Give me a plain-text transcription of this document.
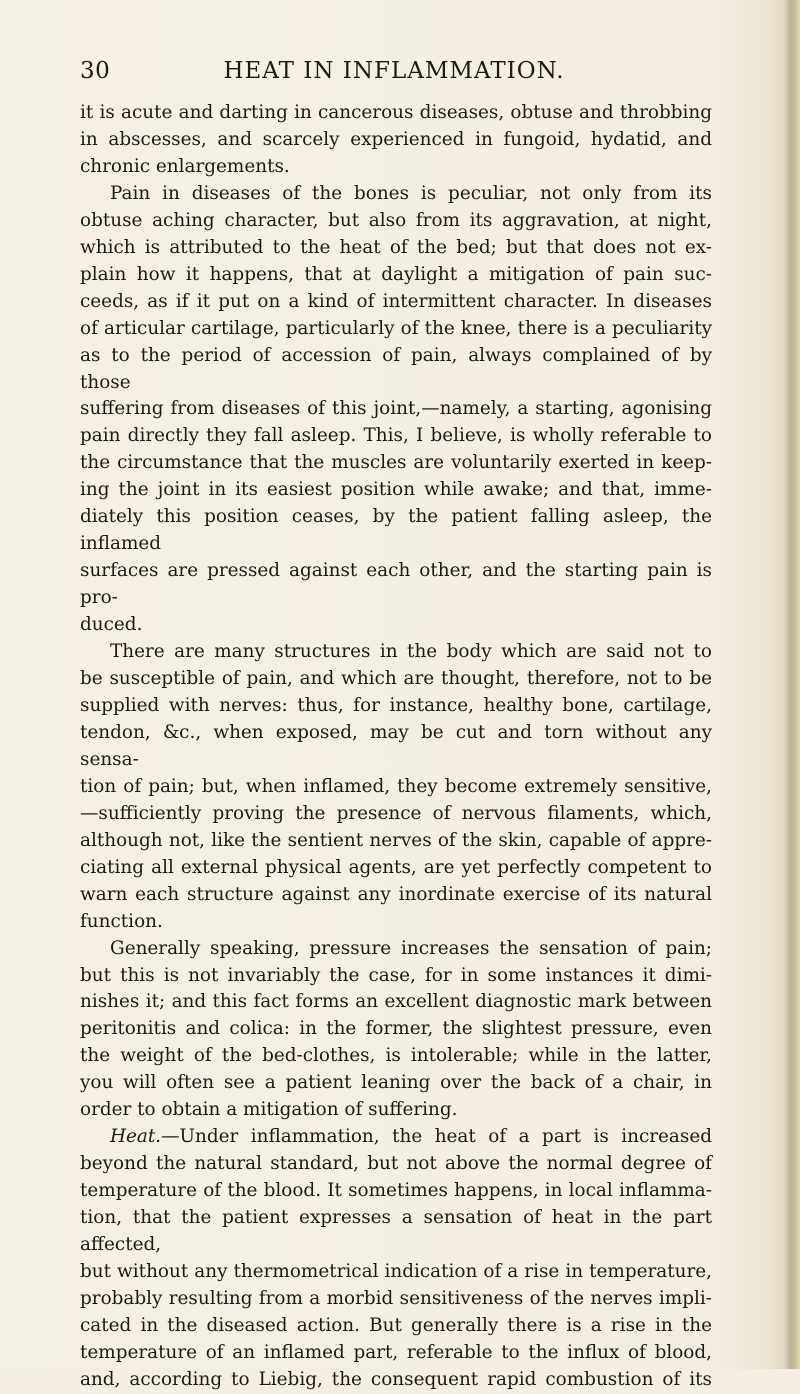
30	HEAT IN INFLAMMATION.

it is acute and darting in cancerous diseases, obtuse and throbbing

in abscesses, and scarcely experienced in fungoid, hydatid, and

chronic enlargements.

Pain in diseases of the bones is peculiar, not only from its

obtuse aching character, but also from its aggravation, at night,

which is attributed to the heat of the bed; but that does not ex-

plain how it happens, that at daylight a mitigation of pain suc-

ceeds, as if it put on a kind of intermittent character. In diseases

of articular cartilage, particularly of the knee, there is a peculiarity

as to the period of accession of pain, always complained of by those

suffering from diseases of this joint,—namely, a starting, agonising

pain directly they fall asleep. This, I believe, is wholly referable to

the circumstance that the muscles are voluntarily exerted in keep-

ing the joint in its easiest position while awake; and that, imme-

diately this position ceases, by the patient falling asleep, the inflamed

surfaces are pressed against each other, and the starting pain is pro-

duced.

There are many structures in the body which are said not to

be susceptible of pain, and which are thought, therefore, not to be

supplied with nerves: thus, for instance, healthy bone, cartilage,

tendon, &c., when exposed, may be cut and torn without any sensa-

tion of pain; but, when inflamed, they become extremely sensitive,

—sufficiently proving the presence of nervous filaments, which,

although not, like the sentient nerves of the skin, capable of appre-

ciating all external physical agents, are yet perfectly competent to

warn each structure against any inordinate exercise of its natural

function.

Generally speaking, pressure increases the sensation of pain;

but this is not invariably the case, for in some instances it dimi-

nishes it; and this fact forms an excellent diagnostic mark between

peritonitis and colica: in the former, the slightest pressure, even

the weight of the bed-clothes, is intolerable; while in the latter,

you will often see a patient leaning over the back of a chair, in

order to obtain a mitigation of suffering.

Heat.—Under inflammation, the heat of a part is increased

beyond the natural standard, but not above the normal degree of

temperature of the blood. It sometimes happens, in local inflamma-

tion, that the patient expresses a sensation of heat in the part affected,

but without any thermometrical indication of a rise in temperature,

probably resulting from a morbid sensitiveness of the nerves impli-

cated in the diseased action. But generally there is a rise in the

temperature of an inflamed part, referable to the influx of blood,

and, according to Liebig, the consequent rapid combustion of its
